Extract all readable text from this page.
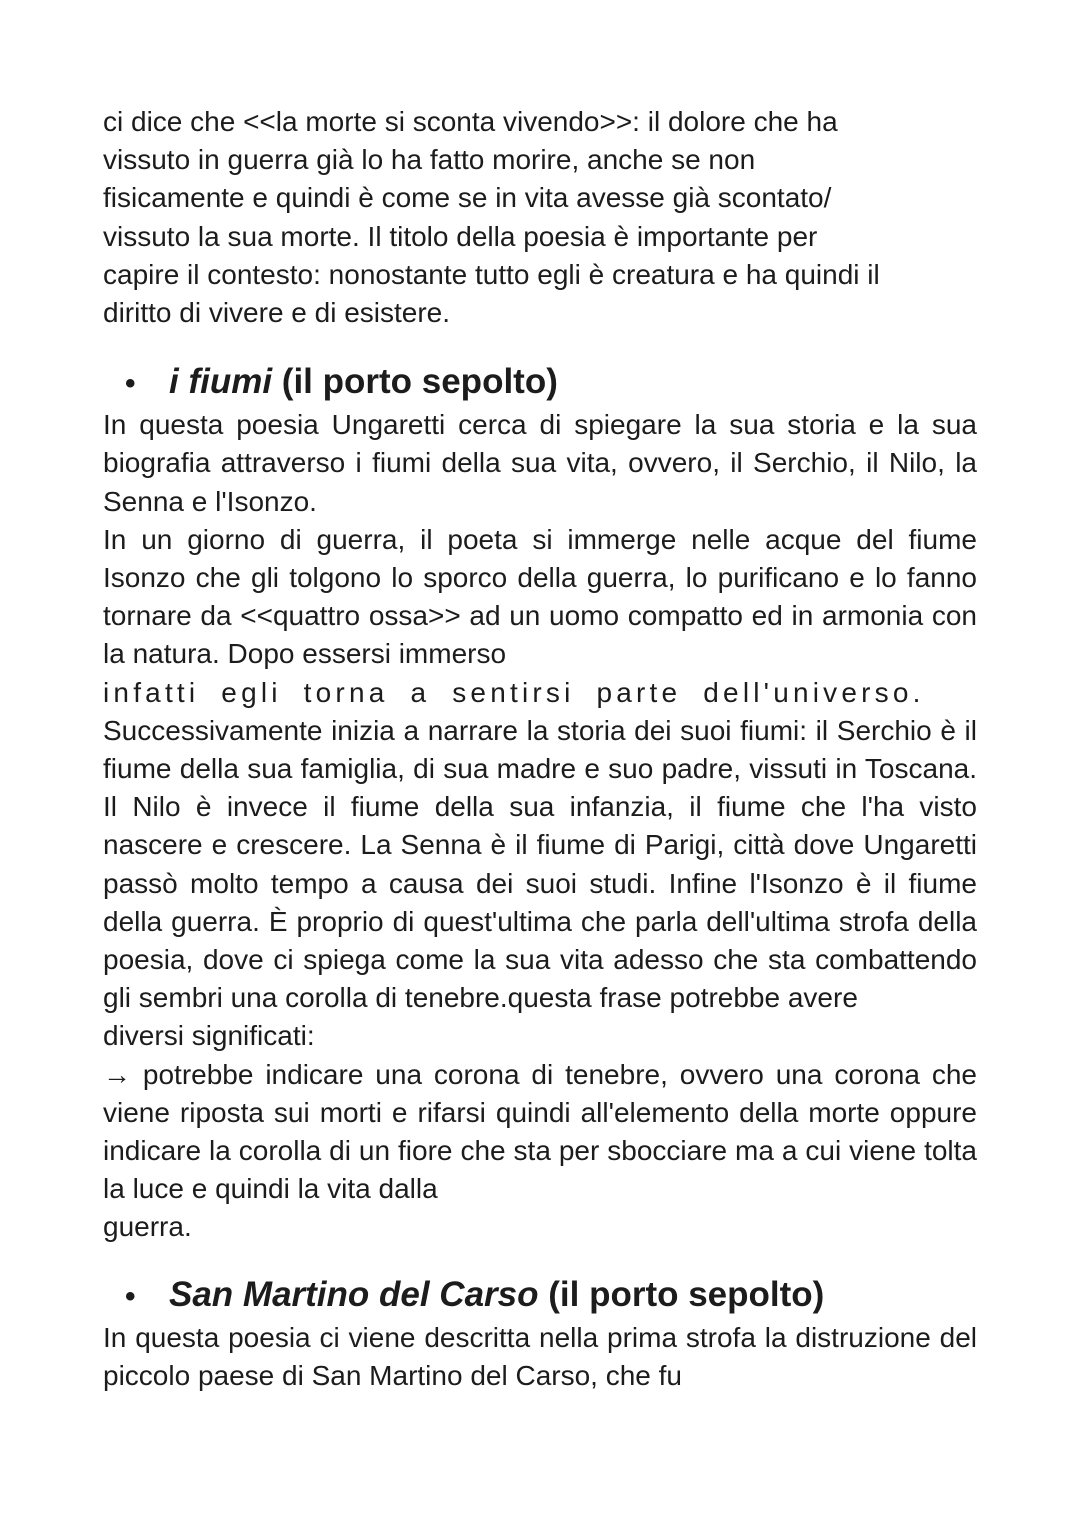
ci dice che <<la morte si sconta vivendo>>: il dolore che ha

vissuto in guerra già lo ha fatto morire, anche se non

fisicamente e quindi è come se in vita avesse già scontato/

vissuto la sua morte. Il titolo della poesia è importante per

capire il contesto: nonostante tutto egli è creatura e ha quindi il

diritto di vivere e di esistere.

• i fiumi (il porto sepolto)

In questa poesia Ungaretti cerca di spiegare la sua storia e la sua biografia attraverso i fiumi della sua vita, ovvero, il Serchio, il Nilo, la Senna e l'Isonzo.

In un giorno di guerra, il poeta si immerge nelle acque del fiume Isonzo che gli tolgono lo sporco della guerra, lo purificano e lo fanno tornare da <<quattro ossa>> ad un uomo compatto ed in armonia con la natura. Dopo essersi immerso

infatti egli torna a sentirsi parte dell'universo.

Successivamente inizia a narrare la storia dei suoi fiumi: il Serchio è il fiume della sua famiglia, di sua madre e suo padre, vissuti in Toscana. Il Nilo è invece il fiume della sua infanzia, il fiume che l'ha visto nascere e crescere. La Senna è il fiume di Parigi, città dove Ungaretti passò molto tempo a causa dei suoi studi. Infine l'Isonzo è il fiume della guerra. È proprio di quest'ultima che parla dell'ultima strofa della poesia, dove ci spiega come la sua vita adesso che sta combattendo gli sembri una corolla di tenebre.questa frase potrebbe avere

diversi significati:

→ potrebbe indicare una corona di tenebre, ovvero una corona che viene riposta sui morti e rifarsi quindi all'elemento della morte oppure indicare la corolla di un fiore che sta per sbocciare ma a cui viene tolta la luce e quindi la vita dalla

guerra.

• San Martino del Carso (il porto sepolto)

In questa poesia ci viene descritta nella prima strofa la distruzione del piccolo paese di San Martino del Carso, che fu
